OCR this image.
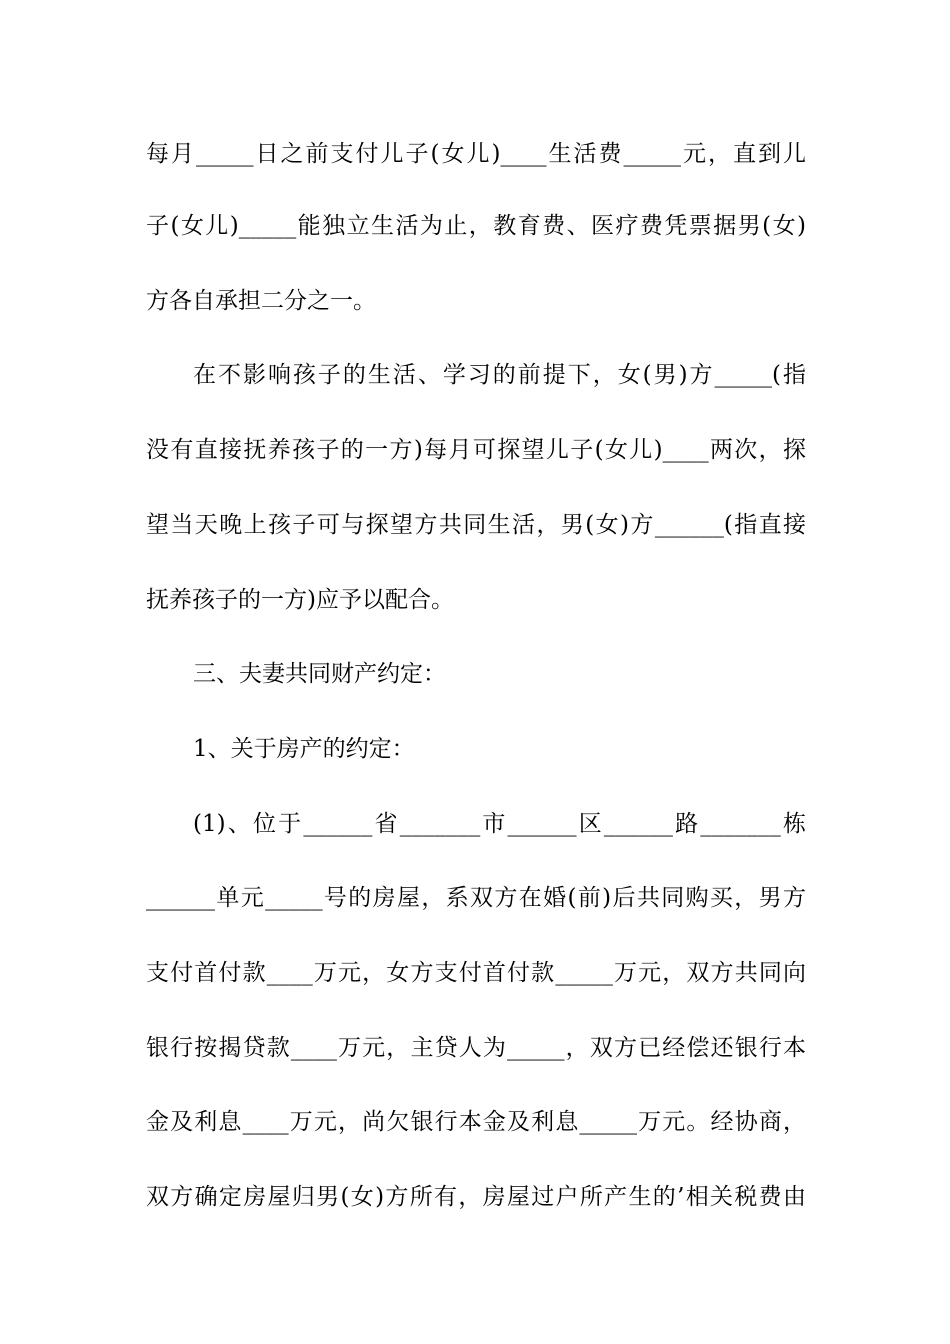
每月_____日之前支付儿子(女儿)____生活费_____元，直到儿
子(女儿)_____能独立生活为止，教育费、医疗费凭票据男(女)
方各自承担二分之一。
在不影响孩子的生活、学习的前提下，女(男)方_____(指
没有直接抚养孩子的一方)每月可探望儿子(女儿)____两次，探
望当天晚上孩子可与探望方共同生活，男(女)方______(指直接
抚养孩子的一方)应予以配合。
三、夫妻共同财产约定：
1、关于房产的约定：
(1)、位于______省_______市______区______路_______栋
______单元_____号的房屋，系双方在婚(前)后共同购买，男方
支付首付款____万元，女方支付首付款_____万元，双方共同向
银行按揭贷款____万元，主贷人为_____，双方已经偿还银行本
金及利息____万元，尚欠银行本金及利息_____万元。经协商，
双方确定房屋归男(女)方所有，房屋过户所产生的’相关税费由
